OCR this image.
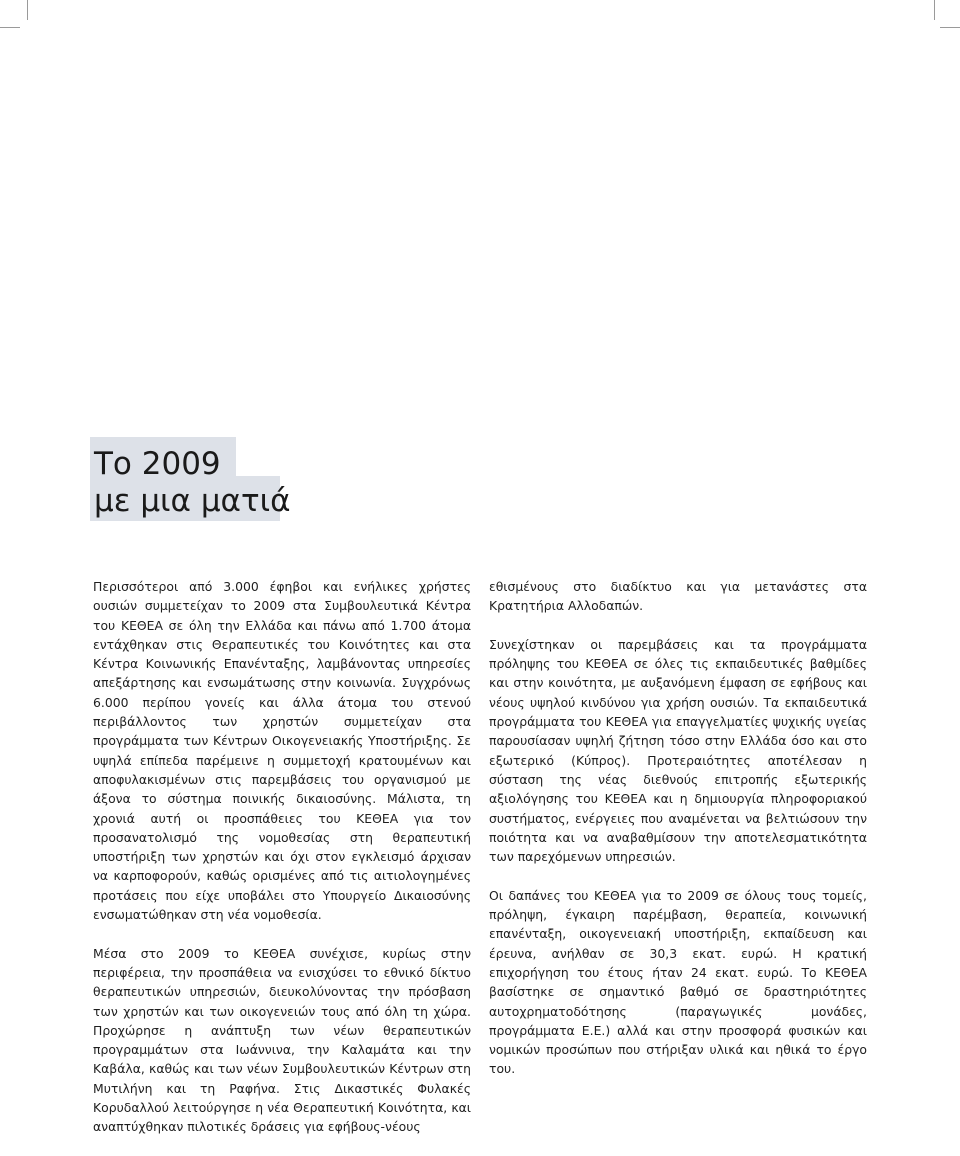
Το 2009
με μια ματιά

Περισσότεροι από 3.000 έφηβοι και ενήλικες χρήστες ουσιών συμμετείχαν το 2009 στα Συμβουλευτικά Κέντρα του ΚΕΘΕΑ σε όλη την Ελλάδα και πάνω από 1.700 άτομα εντάχθηκαν στις Θεραπευτικές του Κοινότητες και στα Κέντρα Κοινωνικής Επανένταξης, λαμβάνοντας υπηρεσίες απεξάρτησης και ενσωμάτωσης στην κοινωνία. Συγχρόνως 6.000 περίπου γονείς και άλλα άτομα του στενού περιβάλλοντος των χρηστών συμμετείχαν στα προγράμματα των Κέντρων Οικογενειακής Υποστήριξης. Σε υψηλά επίπεδα παρέμεινε η συμμετοχή κρατουμένων και αποφυλακισμένων στις παρεμβάσεις του οργανισμού με άξονα το σύστημα ποινικής δικαιοσύνης. Μάλιστα, τη χρονιά αυτή οι προσπάθειες του ΚΕΘΕΑ για τον προσανατολισμό της νομοθεσίας στη θεραπευτική υποστήριξη των χρηστών και όχι στον εγκλεισμό άρχισαν να καρποφορούν, καθώς ορισμένες από τις αιτιολογημένες προτάσεις που είχε υποβάλει στο Υπουργείο Δικαιοσύνης ενσωματώθηκαν στη νέα νομοθεσία.

Μέσα στο 2009 το ΚΕΘΕΑ συνέχισε, κυρίως στην περιφέρεια, την προσπάθεια να ενισχύσει το εθνικό δίκτυο θεραπευτικών υπηρεσιών, διευκολύνοντας την πρόσβαση των χρηστών και των οικογενειών τους από όλη τη χώρα. Προχώρησε η ανάπτυξη των νέων θεραπευτικών προγραμμάτων στα Ιωάννινα, την Καλαμάτα και την Καβάλα, καθώς και των νέων Συμβουλευτικών Κέντρων στη Μυτιλήνη και τη Ραφήνα. Στις Δικαστικές Φυλακές Κορυδαλλού λειτούργησε η νέα Θεραπευτική Κοινότητα, και αναπτύχθηκαν πιλοτικές δράσεις για εφήβους-νέους

εθισμένους στο διαδίκτυο και για μετανάστες στα Κρατητήρια Αλλοδαπών.

Συνεχίστηκαν οι παρεμβάσεις και τα προγράμματα πρόληψης του ΚΕΘΕΑ σε όλες τις εκπαιδευτικές βαθμίδες και στην κοινότητα, με αυξανόμενη έμφαση σε εφήβους και νέους υψηλού κινδύνου για χρήση ουσιών. Τα εκπαιδευτικά προγράμματα του ΚΕΘΕΑ για επαγγελματίες ψυχικής υγείας παρουσίασαν υψηλή ζήτηση τόσο στην Ελλάδα όσο και στο εξωτερικό (Κύπρος). Προτεραιότητες αποτέλεσαν η σύσταση της νέας διεθνούς επιτροπής εξωτερικής αξιολόγησης του ΚΕΘΕΑ και η δημιουργία πληροφοριακού συστήματος, ενέργειες που αναμένεται να βελτιώσουν την ποιότητα και να αναβαθμίσουν την αποτελεσματικότητα των παρεχόμενων υπηρεσιών.

Οι δαπάνες του ΚΕΘΕΑ για το 2009 σε όλους τους τομείς, πρόληψη, έγκαιρη παρέμβαση, θεραπεία, κοινωνική επανένταξη, οικογενειακή υποστήριξη, εκπαίδευση και έρευνα, ανήλθαν σε 30,3 εκατ. ευρώ. Η κρατική επιχορήγηση του έτους ήταν 24 εκατ. ευρώ. Το ΚΕΘΕΑ βασίστηκε σε σημαντικό βαθμό σε δραστηριότητες αυτοχρηματοδότησης (παραγωγικές μονάδες, προγράμματα Ε.Ε.) αλλά και στην προσφορά φυσικών και νομικών προσώπων που στήριξαν υλικά και ηθικά το έργο του.
